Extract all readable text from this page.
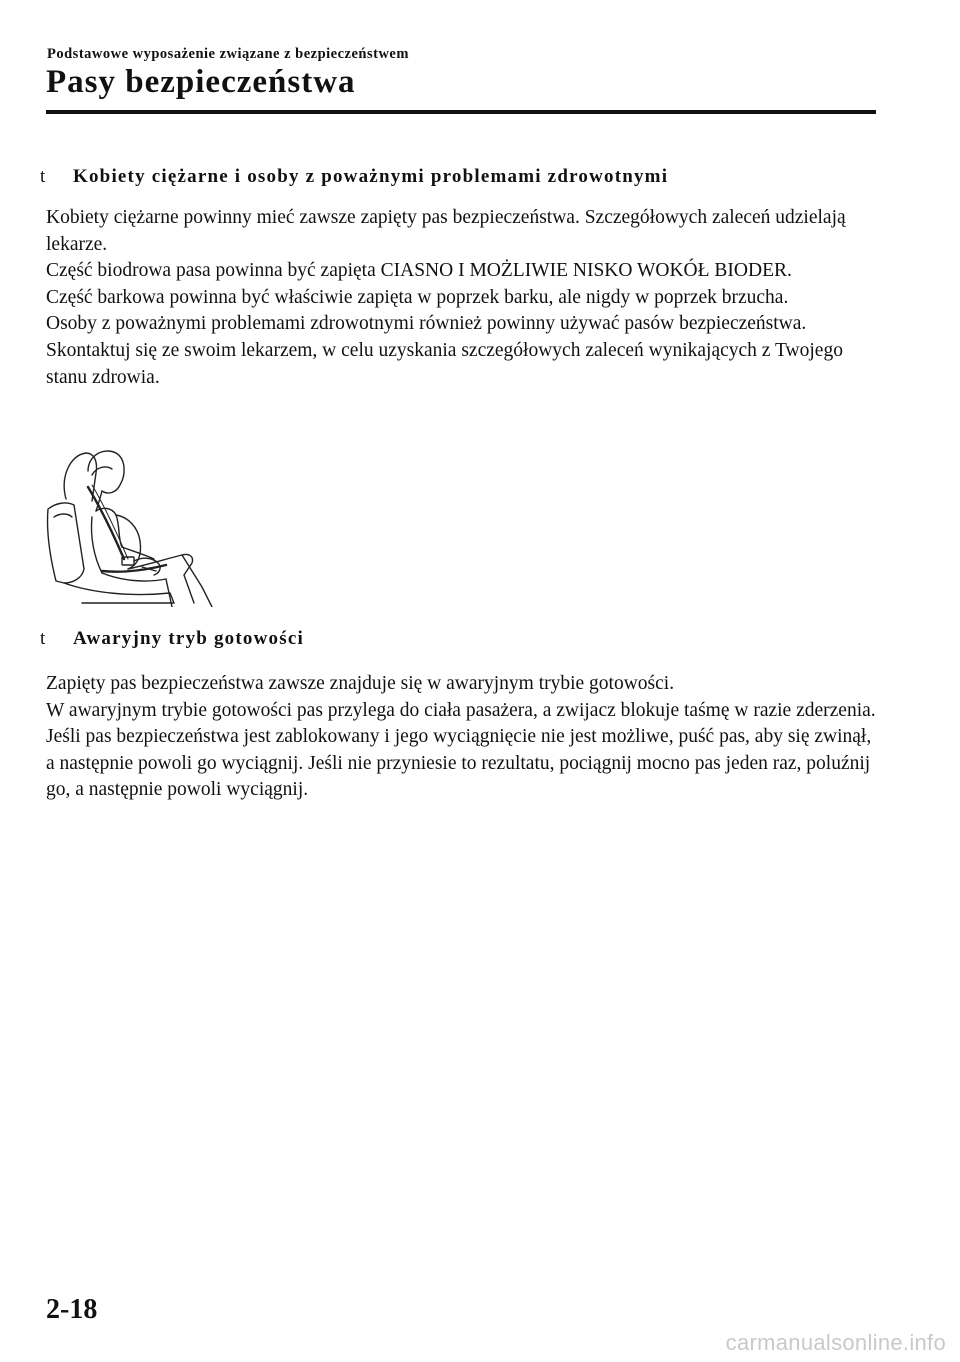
Podstawowe wyposażenie związane z bezpieczeństwem
Pasy bezpieczeństwa
t Kobiety ciężarne i osoby z poważnymi problemami zdrowotnymi

Kobiety ciężarne powinny mieć zawsze zapięty pas bezpieczeństwa. Szczegółowych zaleceń udzielają lekarze.

Część biodrowa pasa powinna być zapięta CIASNO I MOŻLIWIE NISKO WOKÓŁ BIODER.

Część barkowa powinna być właściwie zapięta w poprzek barku, ale nigdy w poprzek brzucha.

Osoby z poważnymi problemami zdrowotnymi również powinny używać pasów bezpieczeństwa. Skontaktuj się ze swoim lekarzem, w celu uzyskania szczegółowych zaleceń wynikających z Twojego stanu zdrowia.

t Awaryjny tryb gotowości

Zapięty pas bezpieczeństwa zawsze znajduje się w awaryjnym trybie gotowości.

W awaryjnym trybie gotowości pas przylega do ciała pasażera, a zwijacz blokuje taśmę w razie zderzenia.

Jeśli pas bezpieczeństwa jest zablokowany i jego wyciągnięcie nie jest możliwe, puść pas, aby się zwinął, a następnie powoli go wyciągnij. Jeśli nie przyniesie to rezultatu, pociągnij mocno pas jeden raz, poluźnij go, a następnie powoli wyciągnij.

2-18
carmanualsonline.info
